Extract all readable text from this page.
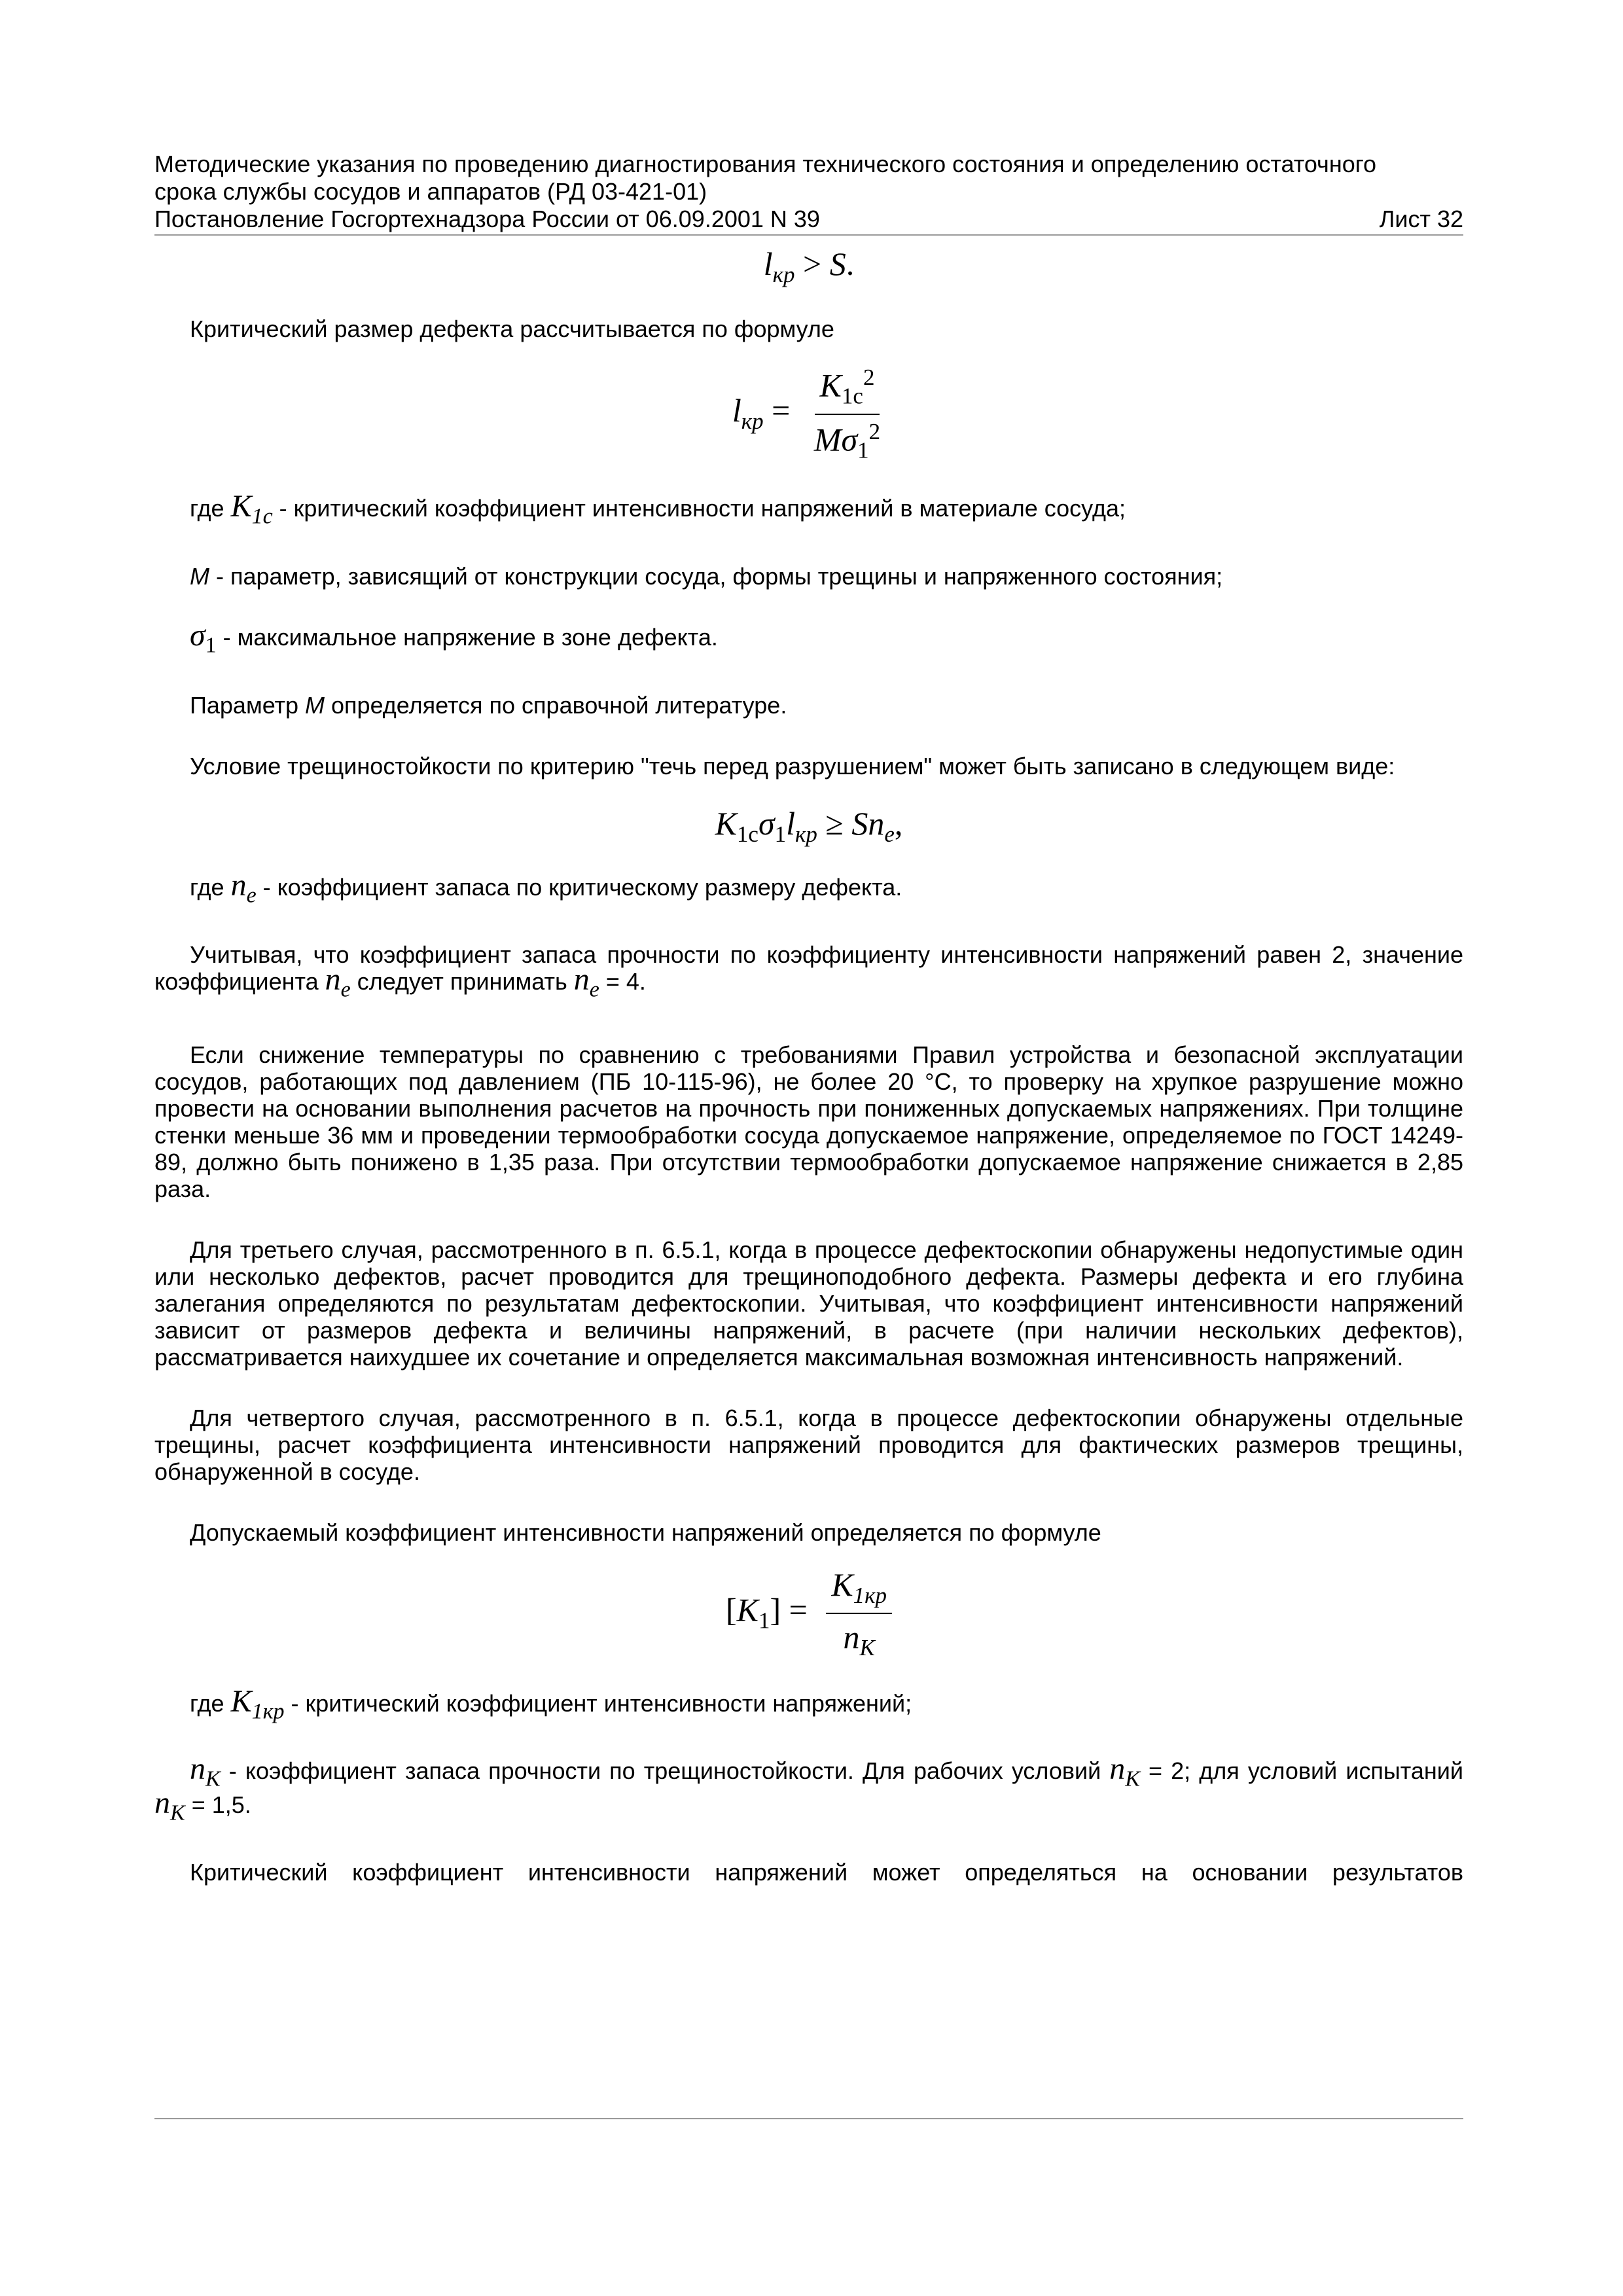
Методические указания по проведению диагностирования технического состояния и определению остаточного
срока службы сосудов и аппаратов (РД 03-421-01)
Постановление Госгортехнадзора России от 06.09.2001 N 39	Лист 32
$l_{кр} > S$.

Критический размер дефекта рассчитывается по формуле

$l_{кр} = \frac{K_{1c}^2}{M\sigma_1^2}$

где $K_{1c}$ - критический коэффициент интенсивности напряжений в материале сосуда;

M - параметр, зависящий от конструкции сосуда, формы трещины и напряженного состояния;

$\sigma_1$ - максимальное напряжение в зоне дефекта.

Параметр M определяется по справочной литературе.

Условие трещиностойкости по критерию "течь перед разрушением" может быть записано в следующем виде:

$K_{1c}\sigma_1l_{кр} \ge Sn_e$,

где $n_e$ - коэффициент запаса по критическому размеру дефекта.

Учитывая, что коэффициент запаса прочности по коэффициенту интенсивности напряжений равен 2, значение коэффициента $n_e$ следует принимать $n_e = 4$.

Если снижение температуры по сравнению с требованиями Правил устройства и безопасной эксплуатации сосудов, работающих под давлением (ПБ 10-115-96), не более 20 °С, то проверку на хрупкое разрушение можно провести на основании выполнения расчетов на прочность при пониженных допускаемых напряжениях. При толщине стенки меньше 36 мм и проведении термообработки сосуда допускаемое напряжение, определяемое по ГОСТ 14249-89, должно быть понижено в 1,35 раза. При отсутствии термообработки допускаемое напряжение снижается в 2,85 раза.

Для третьего случая, рассмотренного в п. 6.5.1, когда в процессе дефектоскопии обнаружены недопустимые один или несколько дефектов, расчет проводится для трещиноподобного дефекта. Размеры дефекта и его глубина залегания определяются по результатам дефектоскопии. Учитывая, что коэффициент интенсивности напряжений зависит от размеров дефекта и величины напряжений, в расчете (при наличии нескольких дефектов), рассматривается наихудшее их сочетание и определяется максимальная возможная интенсивность напряжений.

Для четвертого случая, рассмотренного в п. 6.5.1, когда в процессе дефектоскопии обнаружены отдельные трещины, расчет коэффициента интенсивности напряжений проводится для фактических размеров трещины, обнаруженной в сосуде.

Допускаемый коэффициент интенсивности напряжений определяется по формуле

$[K_1] = \frac{K_{1кр}}{n_K}$

где $K_{1кр}$ - критический коэффициент интенсивности напряжений;

$n_K$ - коэффициент запаса прочности по трещиностойкости. Для рабочих условий $n_K = 2$; для условий испытаний $n_K = 1,5$.

Критический коэффициент интенсивности напряжений может определяться на основании результатов
